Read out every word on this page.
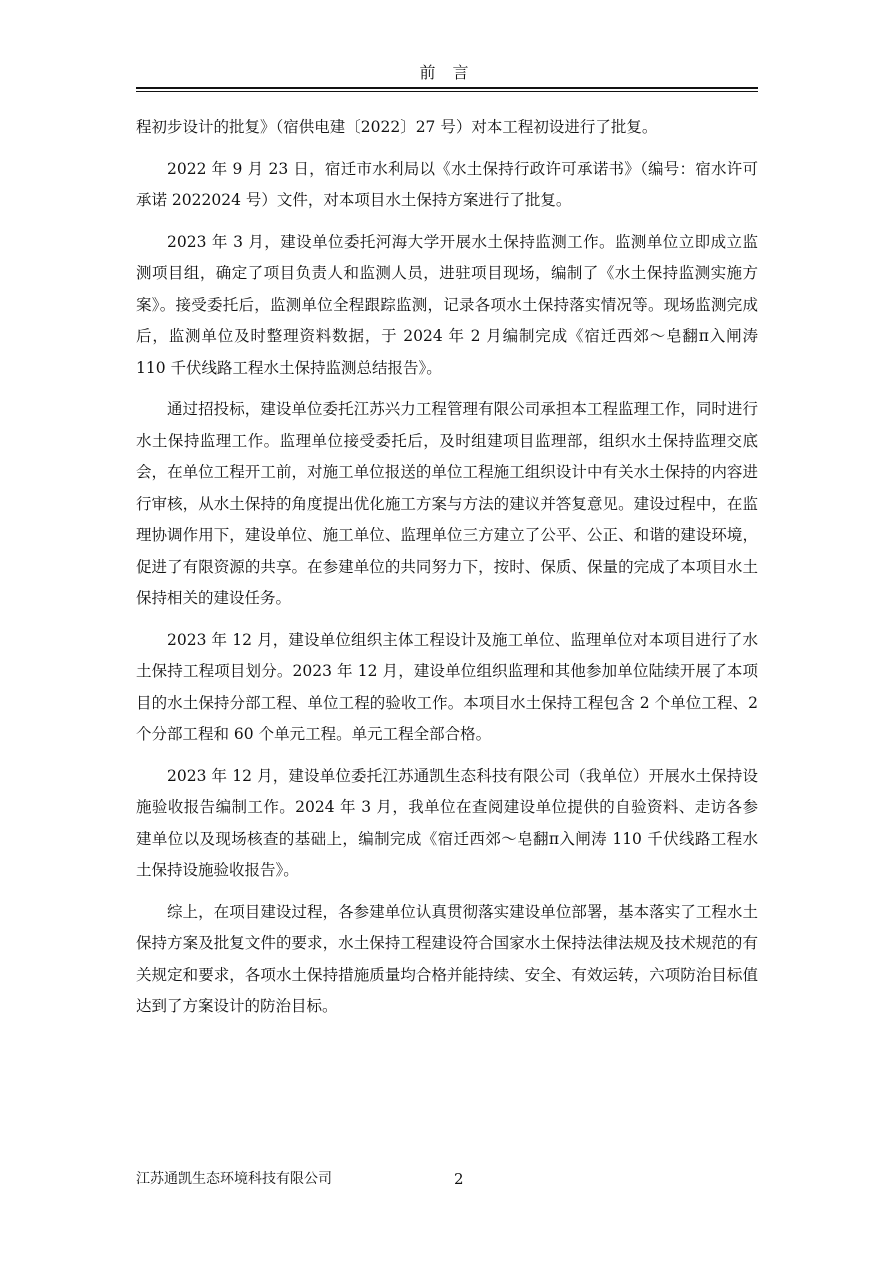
前 言

程初步设计的批复》（宿供电建〔2022〕27 号）对本工程初设进行了批复。

2022 年 9 月 23 日，宿迁市水利局以《水土保持行政许可承诺书》（编号：宿水许可承诺 2022024 号）文件，对本项目水土保持方案进行了批复。

2023 年 3 月，建设单位委托河海大学开展水土保持监测工作。监测单位立即成立监测项目组，确定了项目负责人和监测人员，进驻项目现场，编制了《水土保持监测实施方案》。接受委托后，监测单位全程跟踪监测，记录各项水土保持落实情况等。现场监测完成后，监测单位及时整理资料数据，于 2024 年 2 月编制完成《宿迁西郊～皂翻π入闸涛 110 千伏线路工程水土保持监测总结报告》。

通过招投标，建设单位委托江苏兴力工程管理有限公司承担本工程监理工作，同时进行水土保持监理工作。监理单位接受委托后，及时组建项目监理部，组织水土保持监理交底会，在单位工程开工前，对施工单位报送的单位工程施工组织设计中有关水土保持的内容进行审核，从水土保持的角度提出优化施工方案与方法的建议并答复意见。建设过程中，在监理协调作用下，建设单位、施工单位、监理单位三方建立了公平、公正、和谐的建设环境，促进了有限资源的共享。在参建单位的共同努力下，按时、保质、保量的完成了本项目水土保持相关的建设任务。

2023 年 12 月，建设单位组织主体工程设计及施工单位、监理单位对本项目进行了水土保持工程项目划分。2023 年 12 月，建设单位组织监理和其他参加单位陆续开展了本项目的水土保持分部工程、单位工程的验收工作。本项目水土保持工程包含 2 个单位工程、2 个分部工程和 60 个单元工程。单元工程全部合格。

2023 年 12 月，建设单位委托江苏通凯生态科技有限公司（我单位）开展水土保持设施验收报告编制工作。2024 年 3 月，我单位在查阅建设单位提供的自验资料、走访各参建单位以及现场核查的基础上，编制完成《宿迁西郊～皂翻π入闸涛 110 千伏线路工程水土保持设施验收报告》。

综上，在项目建设过程，各参建单位认真贯彻落实建设单位部署，基本落实了工程水土保持方案及批复文件的要求，水土保持工程建设符合国家水土保持法律法规及技术规范的有关规定和要求，各项水土保持措施质量均合格并能持续、安全、有效运转，六项防治目标值达到了方案设计的防治目标。

江苏通凯生态环境科技有限公司	2
